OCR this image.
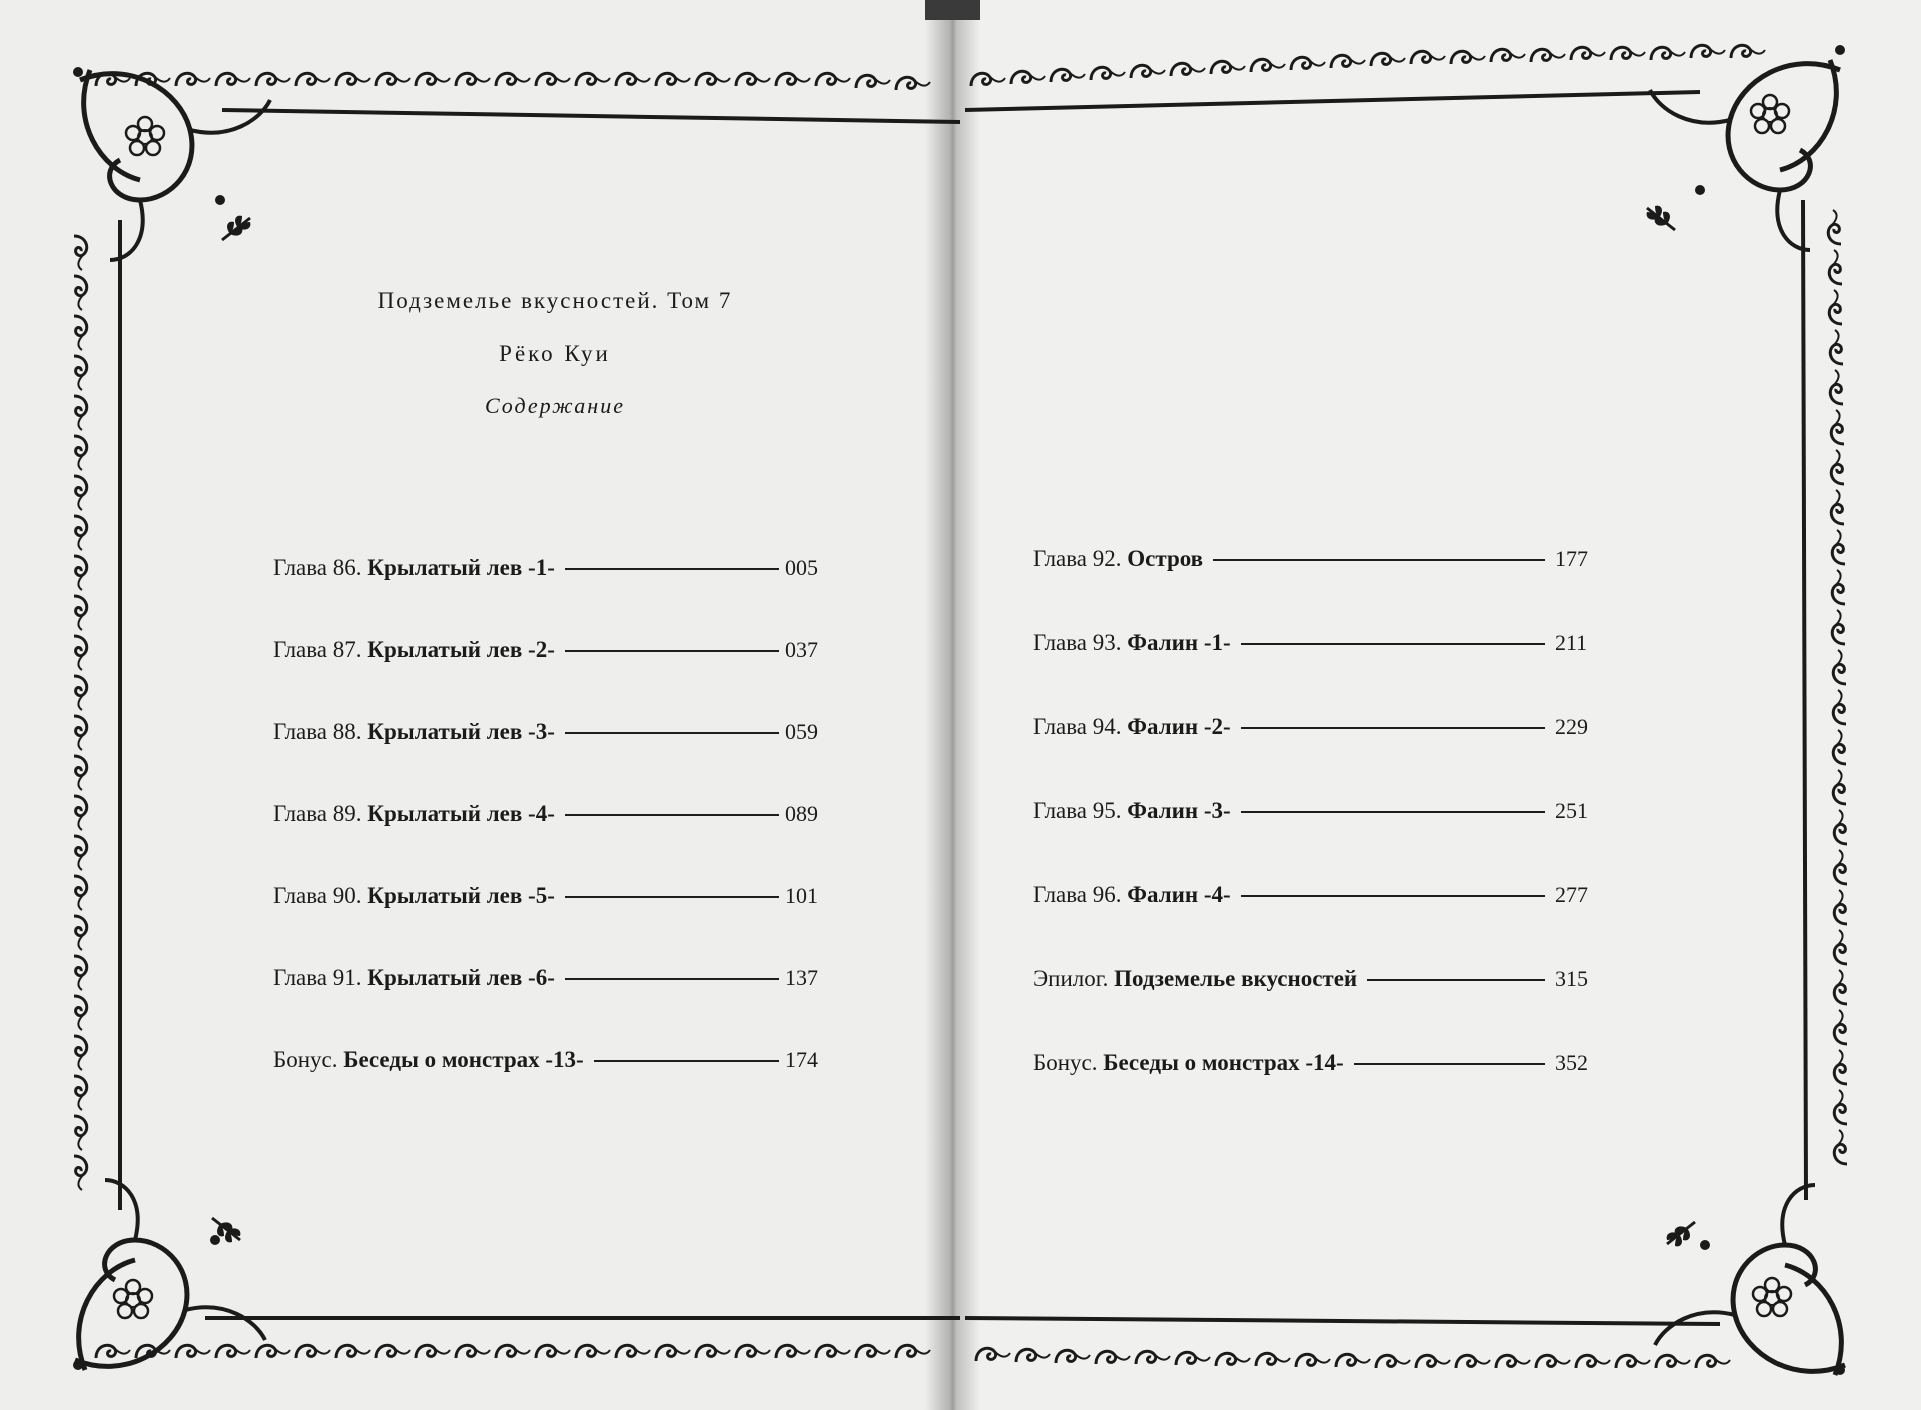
Подземелье вкусностей. Том 7
Рёко Куи
Содержание
Глава 86. Крылатый лев -1-	005
Глава 87. Крылатый лев -2-	037
Глава 88. Крылатый лев -3-	059
Глава 89. Крылатый лев -4-	089
Глава 90. Крылатый лев -5-	101
Глава 91. Крылатый лев -6-	137
Бонус. Беседы о монстрах -13-	174
Глава 92. Остров	177
Глава 93. Фалин -1-	211
Глава 94. Фалин -2-	229
Глава 95. Фалин -3-	251
Глава 96. Фалин -4-	277
Эпилог. Подземелье вкусностей	315
Бонус. Беседы о монстрах -14-	352
